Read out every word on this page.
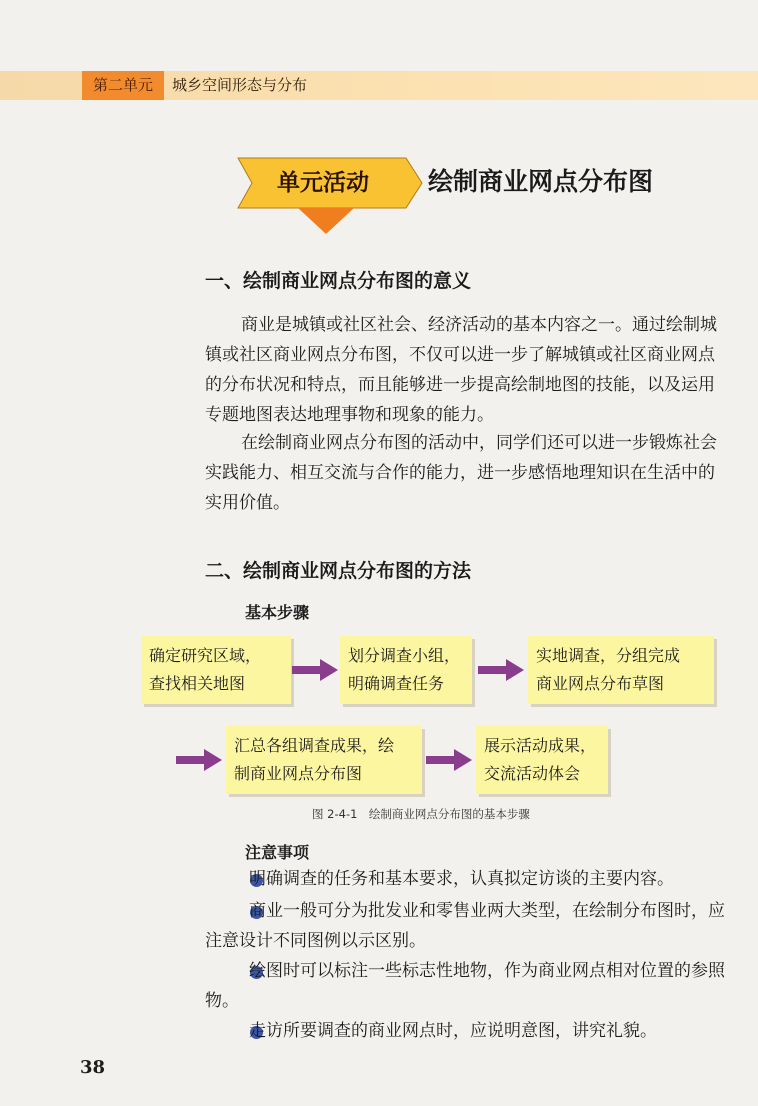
第二单元	城乡空间形态与分布
单元活动	绘制商业网点分布图
一、绘制商业网点分布图的意义

商业是城镇或社区社会、经济活动的基本内容之一。通过绘制城镇或社区商业网点分布图，不仅可以进一步了解城镇或社区商业网点的分布状况和特点，而且能够进一步提高绘制地图的技能，以及运用专题地图表达地理事物和现象的能力。

在绘制商业网点分布图的活动中，同学们还可以进一步锻炼社会实践能力、相互交流与合作的能力，进一步感悟地理知识在生活中的实用价值。

二、绘制商业网点分布图的方法
基本步骤
确定研究区域，
查找相关地图
划分调查小组，
明确调查任务
实地调查，分组完成
商业网点分布草图
汇总各组调查成果，绘
制商业网点分布图
展示活动成果，
交流活动体会
图 2-4-1　绘制商业网点分布图的基本步骤
注意事项

明确调查的任务和基本要求，认真拟定访谈的主要内容。

商业一般可分为批发业和零售业两大类型，在绘制分布图时，应注意设计不同图例以示区别。

绘图时可以标注一些标志性地物，作为商业网点相对位置的参照物。

走访所要调查的商业网点时，应说明意图，讲究礼貌。

38
